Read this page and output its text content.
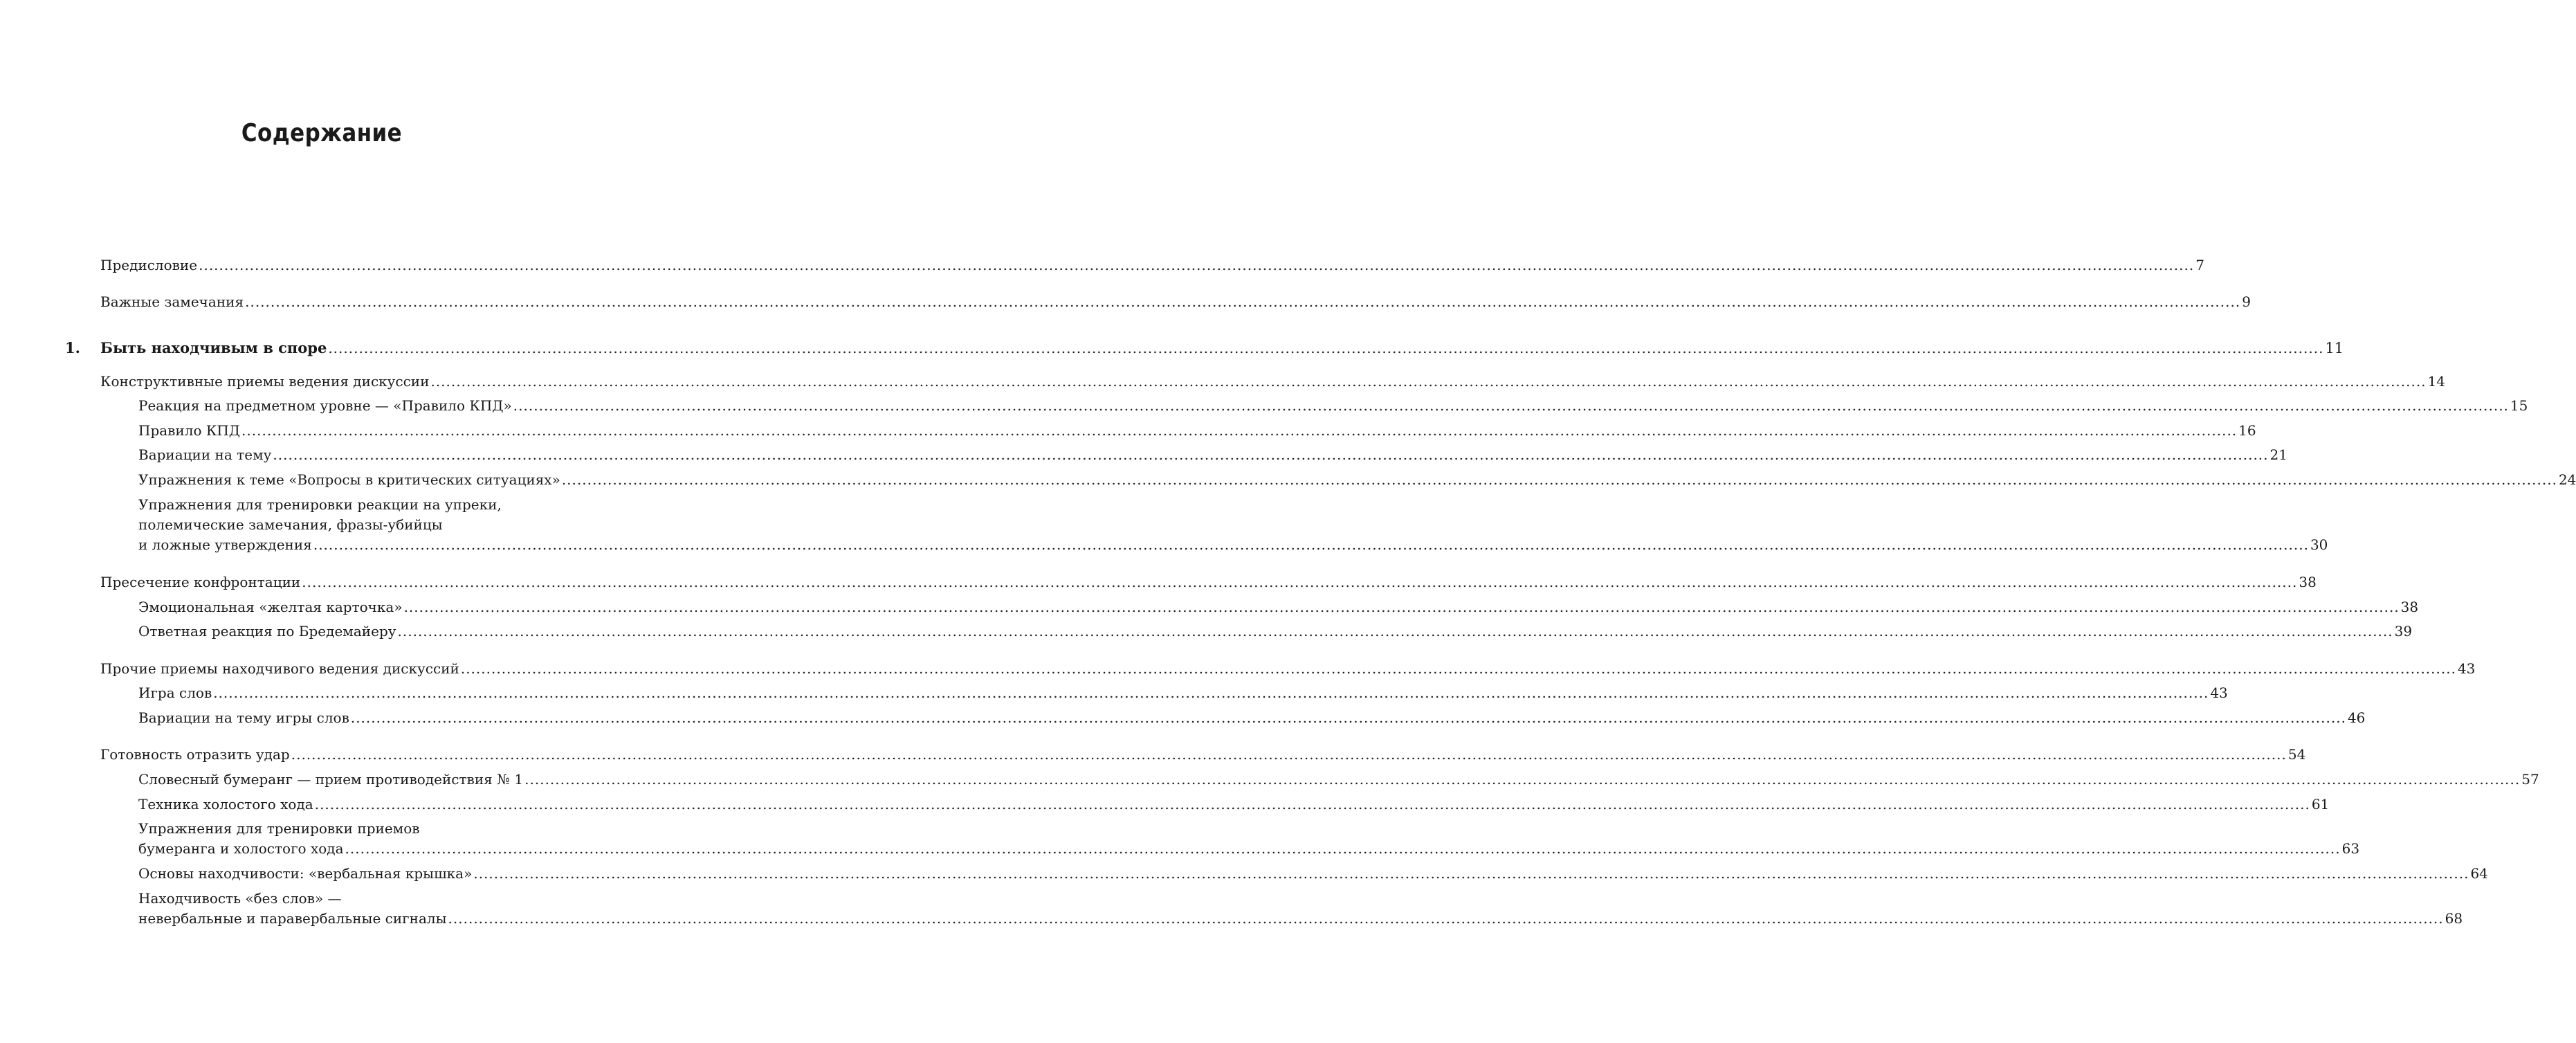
Содержание
Предисловие .....	7
Важные замечания .....	9
1. Быть находчивым в споре .....	11
Конструктивные приемы ведения дискуссии .....	14
Реакция на предметном уровне — «Правило КПД» .....	15
Правило КПД .....	16
Вариации на тему .....	21
Упражнения к теме «Вопросы в критических ситуациях» .....	24
Упражнения для тренировки реакции на упреки,
полемические замечания, фразы-убийцы
и ложные утверждения .....	30
Пресечение конфронтации .....	38
Эмоциональная «желтая карточка» .....	38
Ответная реакция по Бредемайеру .....	39
Прочие приемы находчивого ведения дискуссий .....	43
Игра слов .....	43
Вариации на тему игры слов .....	46
Готовность отразить удар .....	54
Словесный бумеранг — прием противодействия № 1 .....	57
Техника холостого хода .....	61
Упражнения для тренировки приемов
бумеранга и холостого хода .....	63
Основы находчивости: «вербальная крышка» .....	64
Находчивость «без слов» —
невербальные и паравербальные сигналы .....	68
